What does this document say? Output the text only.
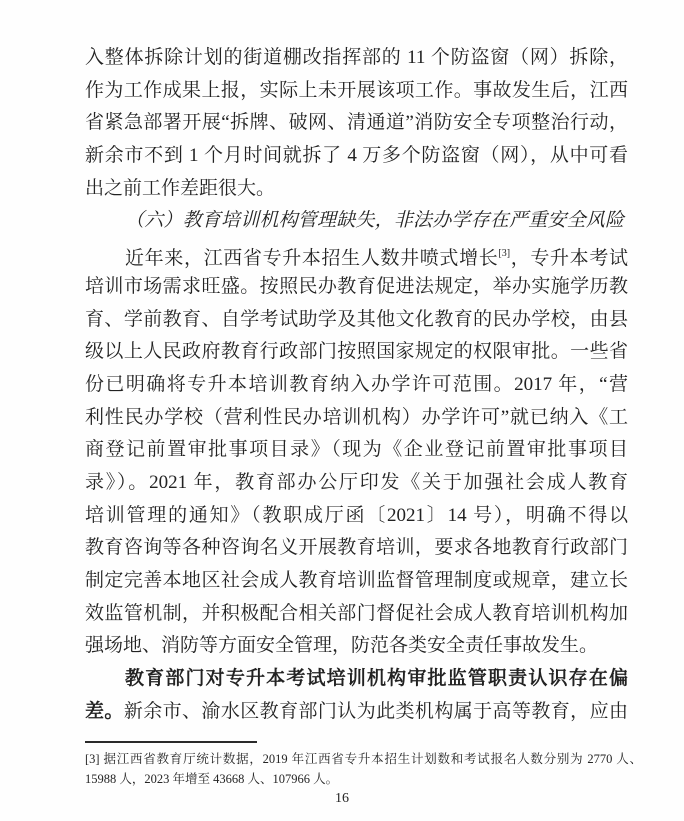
入整体拆除计划的街道棚改指挥部的 11 个防盗窗（网）拆除，
作为工作成果上报，实际上未开展该项工作。事故发生后，江西
省紧急部署开展“拆牌、破网、清通道”消防安全专项整治行动，
新余市不到 1 个月时间就拆了 4 万多个防盗窗（网），从中可看
出之前工作差距很大。
（六）教育培训机构管理缺失，非法办学存在严重安全风险
近年来，江西省专升本招生人数井喷式增长[3]，专升本考试
培训市场需求旺盛。按照民办教育促进法规定，举办实施学历教
育、学前教育、自学考试助学及其他文化教育的民办学校，由县
级以上人民政府教育行政部门按照国家规定的权限审批。一些省
份已明确将专升本培训教育纳入办学许可范围。2017 年，“营
利性民办学校（营利性民办培训机构）办学许可”就已纳入《工
商登记前置审批事项目录》（现为《企业登记前置审批事项目
录》）。2021 年，教育部办公厅印发《关于加强社会成人教育
培训管理的通知》（教职成厅函〔2021〕14 号），明确不得以
教育咨询等各种咨询名义开展教育培训，要求各地教育行政部门
制定完善本地区社会成人教育培训监督管理制度或规章，建立长
效监管机制，并积极配合相关部门督促社会成人教育培训机构加
强场地、消防等方面安全管理，防范各类安全责任事故发生。
教育部门对专升本考试培训机构审批监管职责认识存在偏
差。新余市、渝水区教育部门认为此类机构属于高等教育，应由
[3] 据江西省教育厅统计数据，2019 年江西省专升本招生计划数和考试报名人数分别为 2770 人、15988 人，2023 年增至 43668 人、107966 人。
16
